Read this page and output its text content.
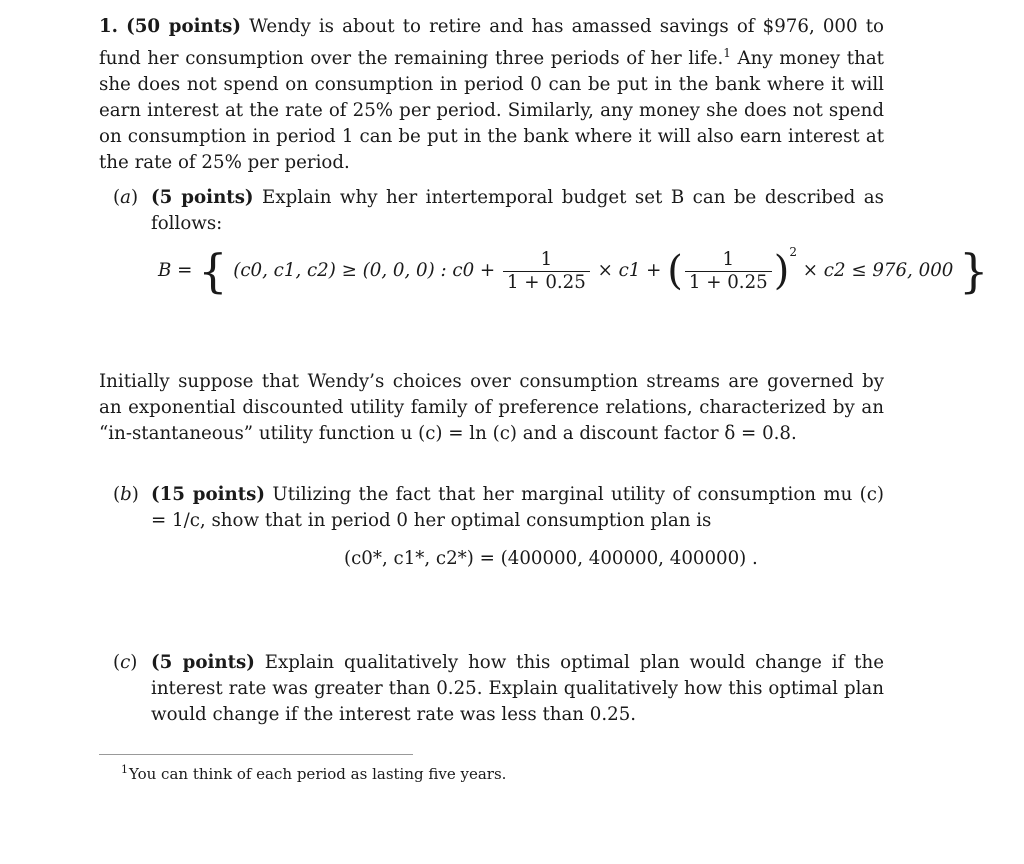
1. (50 points) Wendy is about to retire and has amassed savings of $976, 000 to fund her consumption over the remaining three periods of her life.$^1$ Any money that she does not spend on consumption in period 0 can be put in the bank where it will earn interest at the rate of 25% per period. Similarly, any money she does not spend on consumption in period 1 can be put in the bank where it will also earn interest at the rate of 25% per period.
(a) (5 points) Explain why her intertemporal budget set B can be described as follows:
B = { (c0, c1, c2) ≥ (0, 0, 0) : $c0 + \frac{1}{1 + 0.25} \times c1$ + ( $\frac{1}{1 + 0.25} )^2 \times c2 \le 976$, 000 }
Initially suppose that Wendy’s choices over consumption streams are governed by an exponential discounted utility family of preference relations, characterized by an “in-stantaneous” utility function u (c) = ln (c) and a discount factor δ = 0.8.
(b) (15 points) Utilizing the fact that her marginal utility of consumption mu (c) = 1/c, show that in period 0 her optimal consumption plan is
(c0*, c1*, c2*) = (400000, 400000, 400000) .
(c) (5 points) Explain qualitatively how this optimal plan would change if the interest rate was greater than 0.25. Explain qualitatively how this optimal plan would change if the interest rate was less than 0.25.
$^1$You can think of each period as lasting five years.
